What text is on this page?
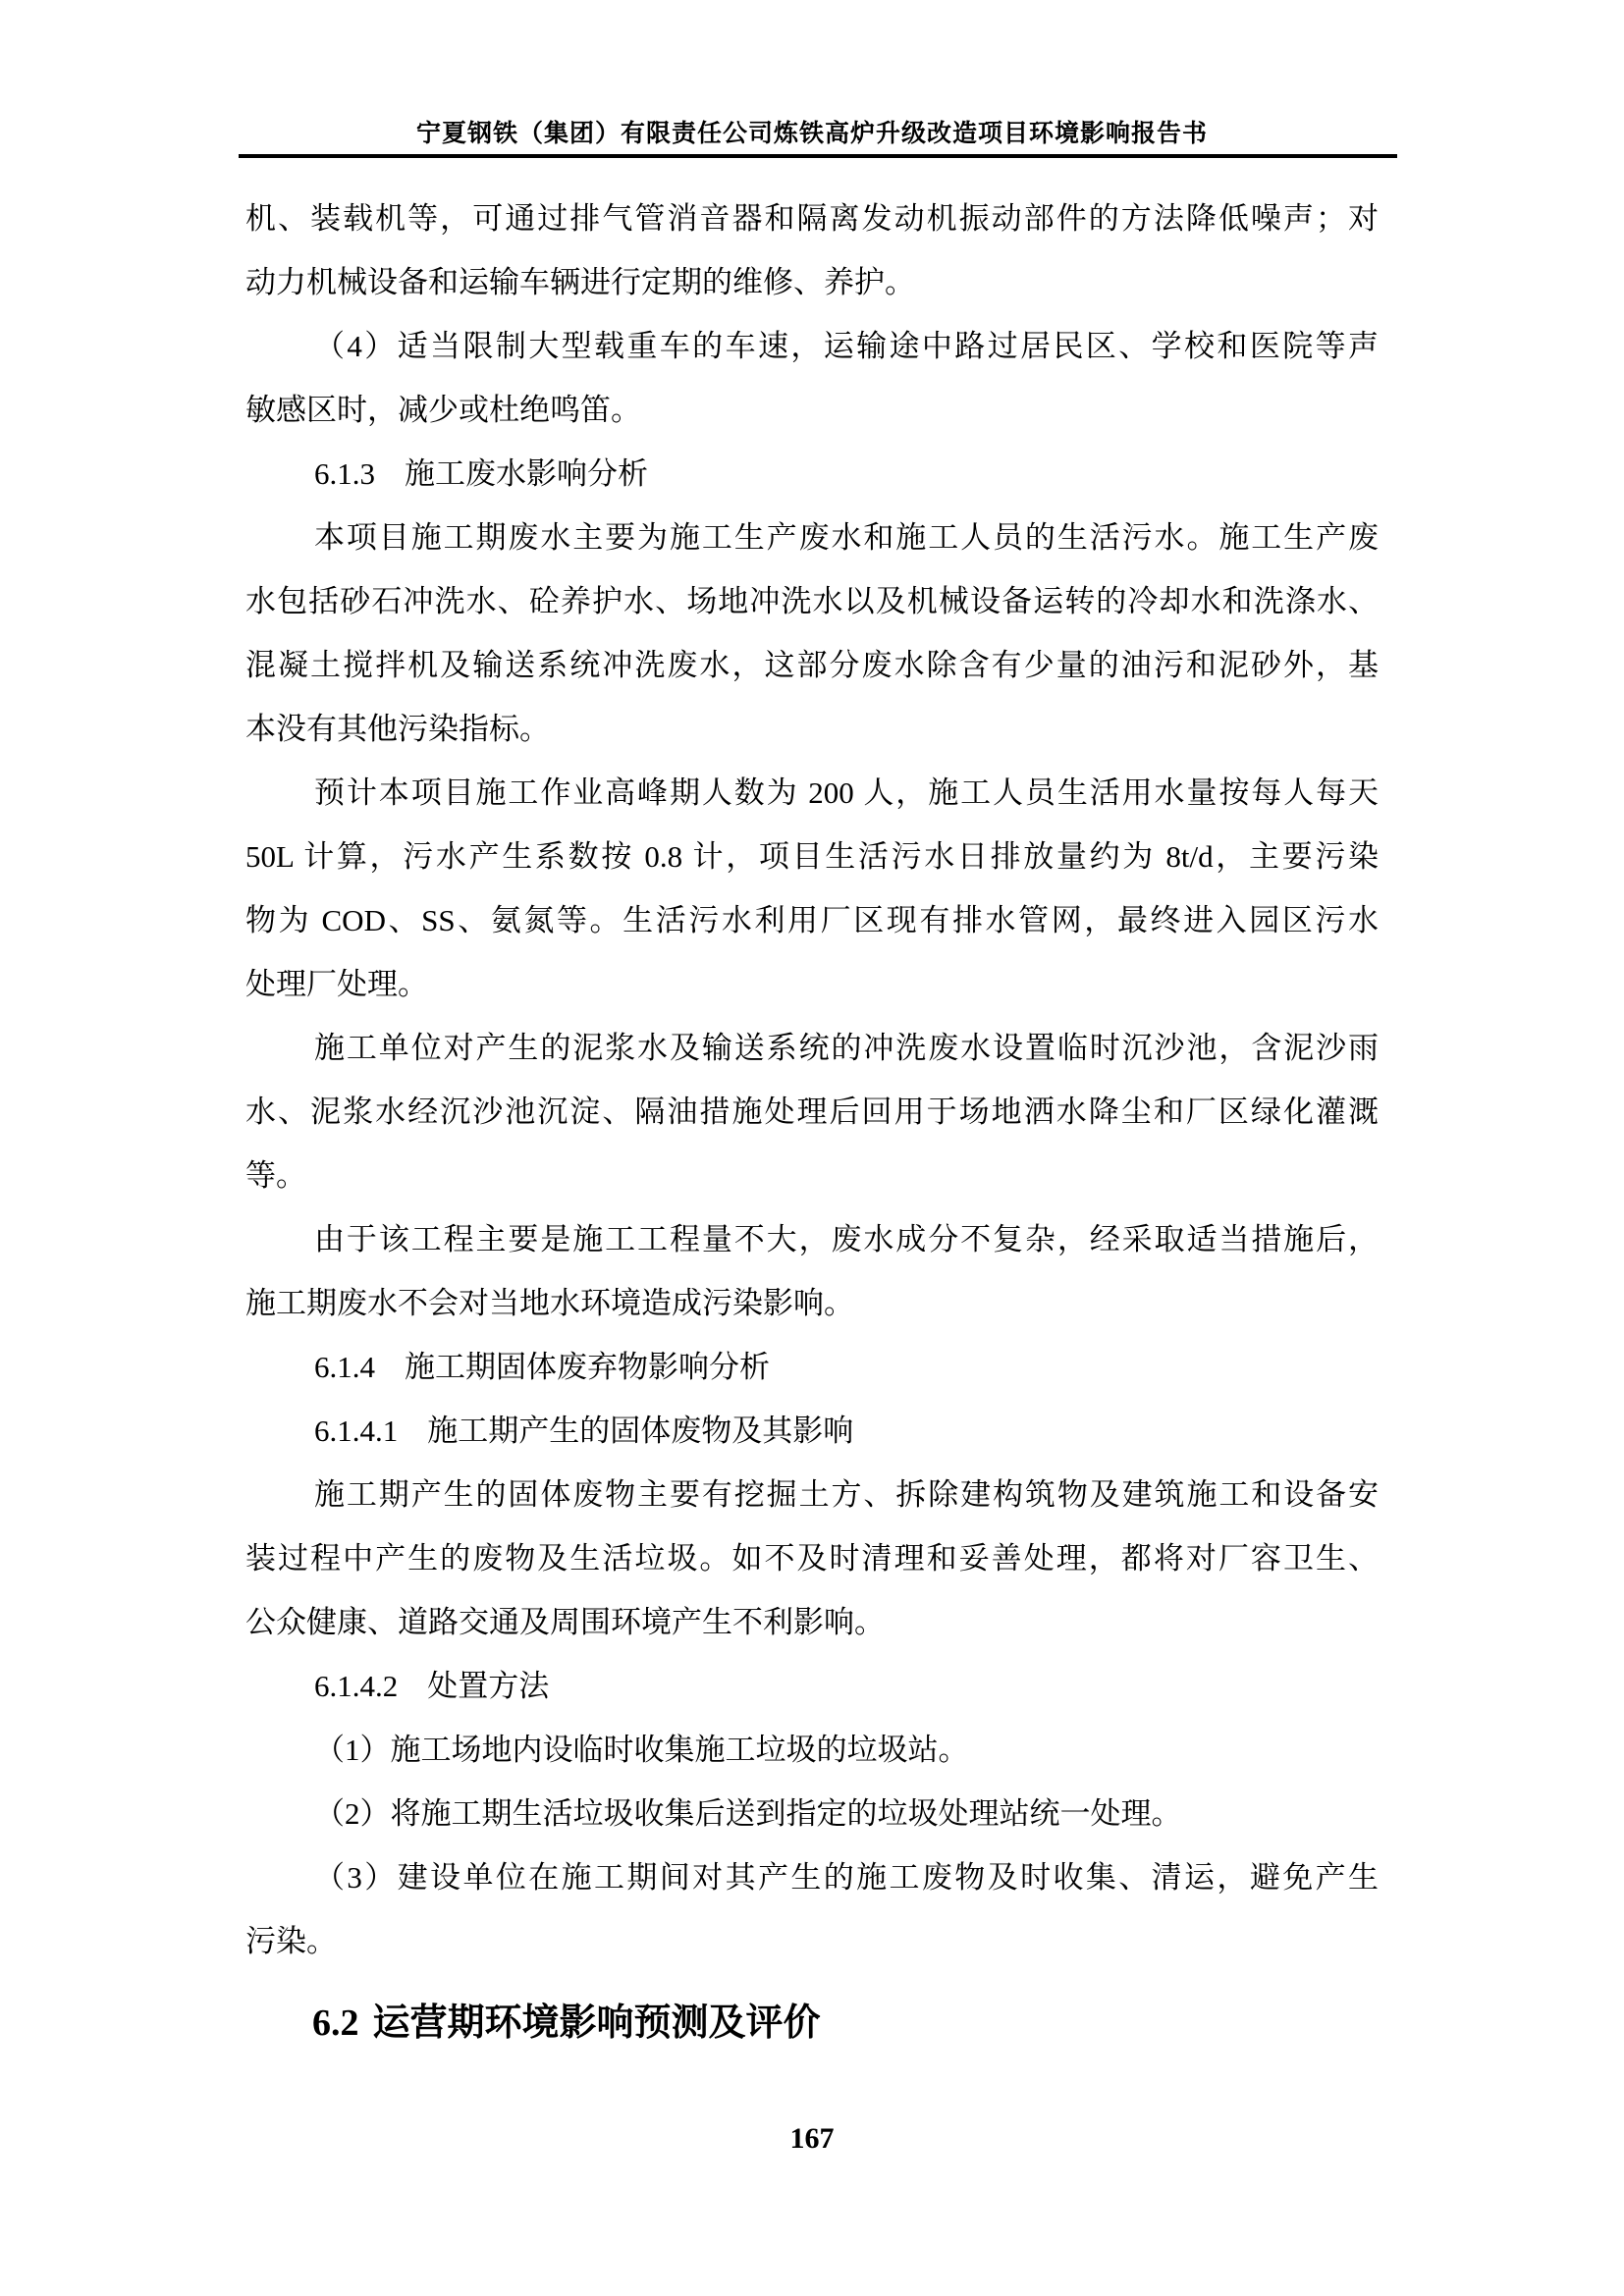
宁夏钢铁（集团）有限责任公司炼铁高炉升级改造项目环境影响报告书
机、装载机等，可通过排气管消音器和隔离发动机振动部件的方法降低噪声；对
动力机械设备和运输车辆进行定期的维修、养护。
（4）适当限制大型载重车的车速，运输途中路过居民区、学校和医院等声
敏感区时，减少或杜绝鸣笛。
6.1.3 施工废水影响分析
本项目施工期废水主要为施工生产废水和施工人员的生活污水。施工生产废
水包括砂石冲洗水、砼养护水、场地冲洗水以及机械设备运转的冷却水和洗涤水、
混凝土搅拌机及输送系统冲洗废水，这部分废水除含有少量的油污和泥砂外，基
本没有其他污染指标。
预计本项目施工作业高峰期人数为 200 人，施工人员生活用水量按每人每天
50L 计算，污水产生系数按 0.8 计，项目生活污水日排放量约为 8t/d，主要污染
物为 COD、SS、氨氮等。生活污水利用厂区现有排水管网，最终进入园区污水
处理厂处理。
施工单位对产生的泥浆水及输送系统的冲洗废水设置临时沉沙池，含泥沙雨
水、泥浆水经沉沙池沉淀、隔油措施处理后回用于场地洒水降尘和厂区绿化灌溉
等。
由于该工程主要是施工工程量不大，废水成分不复杂，经采取适当措施后，
施工期废水不会对当地水环境造成污染影响。
6.1.4 施工期固体废弃物影响分析
6.1.4.1 施工期产生的固体废物及其影响
施工期产生的固体废物主要有挖掘土方、拆除建构筑物及建筑施工和设备安
装过程中产生的废物及生活垃圾。如不及时清理和妥善处理，都将对厂容卫生、
公众健康、道路交通及周围环境产生不利影响。
6.1.4.2 处置方法
（1）施工场地内设临时收集施工垃圾的垃圾站。
（2）将施工期生活垃圾收集后送到指定的垃圾处理站统一处理。
（3）建设单位在施工期间对其产生的施工废物及时收集、清运，避免产生
污染。
6.2 运营期环境影响预测及评价
167
